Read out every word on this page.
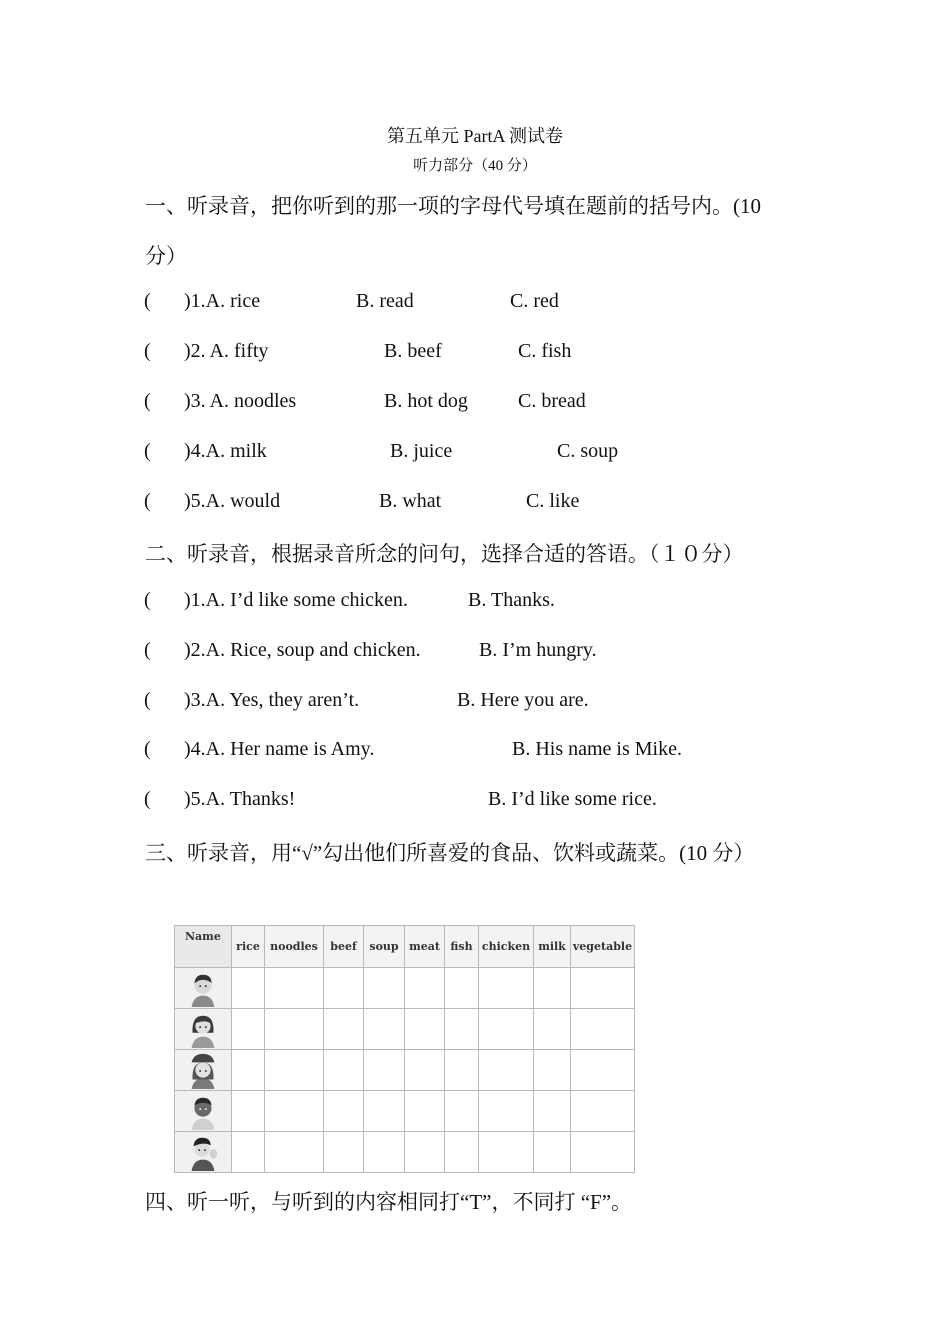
第五单元 PartA 测试卷
听力部分（40 分）
一、听录音，把你听到的那一项的字母代号填在题前的括号内。(10
分）
( )1.A. rice	B. read	C. red
( )2. A. fifty	B. beef	C. fish
( )3. A. noodles	B. hot dog	C. bread
( )4.A. milk	B. juice	C. soup
( )5.A. would	B. what	C. like
二、听录音，根据录音所念的问句，选择合适的答语。（１０分）
( )1.A. I’d like some chicken.	B. Thanks.
( )2.A. Rice, soup and chicken.	B. I’m hungry.
( )3.A. Yes, they aren’t.	B. Here you are.
( )4.A. Her name is Amy.	B. His name is Mike.
( )5.A. Thanks!	B. I’d like some rice.
三、听录音，用“√”勾出他们所喜爱的食品、饮料或蔬菜。(10 分）
Name	rice	noodles	beef	soup	meat	fish	chicken	milk	vegetable

四、听一听，与听到的内容相同打“T”，不同打 “F”。
